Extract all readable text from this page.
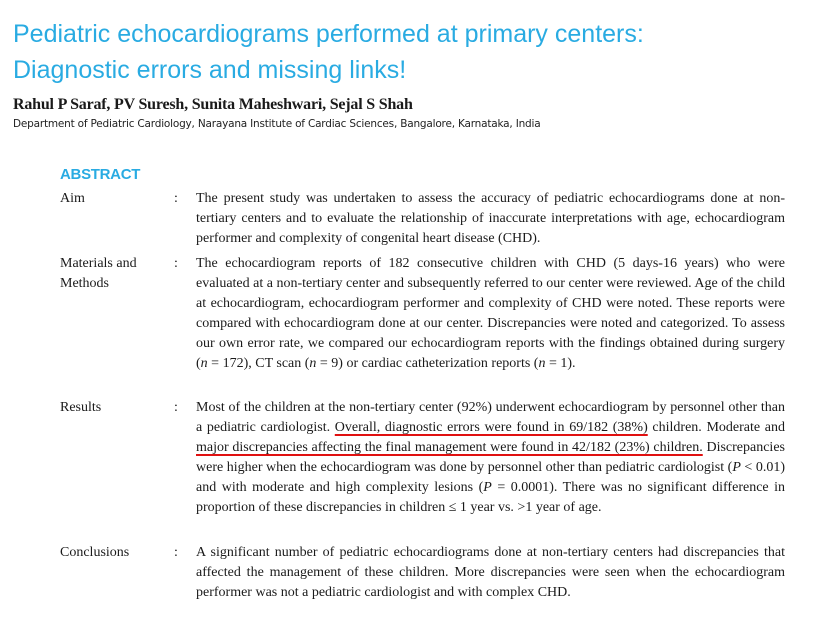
Pediatric echocardiograms performed at primary centers:
Diagnostic errors and missing links!
Rahul P Saraf, PV Suresh, Sunita Maheshwari, Sejal S Shah
Department of Pediatric Cardiology, Narayana Institute of Cardiac Sciences, Bangalore, Karnataka, India
ABSTRACT
Aim	: The present study was undertaken to assess the accuracy of pediatric echocardiograms done at non-tertiary centers and to evaluate the relationship of inaccurate interpretations with age, echocardiogram performer and complexity of congenital heart disease (CHD).
Materials and Methods
: The echocardiogram reports of 182 consecutive children with CHD (5 days-16 years) who were evaluated at a non-tertiary center and subsequently referred to our center were reviewed. Age of the child at echocardiogram, echocardiogram performer and complexity of CHD were noted. These reports were compared with echocardiogram done at our center. Discrepancies were noted and categorized. To assess our own error rate, we compared our echocardiogram reports with the findings obtained during surgery (n = 172), CT scan (n = 9) or cardiac catheterization reports (n = 1).
Results	: Most of the children at the non-tertiary center (92%) underwent echocardiogram by personnel other than a pediatric cardiologist. Overall, diagnostic errors were found in 69/182 (38%) children. Moderate and major discrepancies affecting the final management were found in 42/182 (23%) children. Discrepancies were higher when the echocardiogram was done by personnel other than pediatric cardiologist (P < 0.01) and with moderate and high complexity lesions (P = 0.0001). There was no significant difference in proportion of these discrepancies in children ≤ 1 year vs. >1 year of age.
Conclusions	: A significant number of pediatric echocardiograms done at non-tertiary centers had discrepancies that affected the management of these children. More discrepancies were seen when the echocardiogram performer was not a pediatric cardiologist and with complex CHD.
